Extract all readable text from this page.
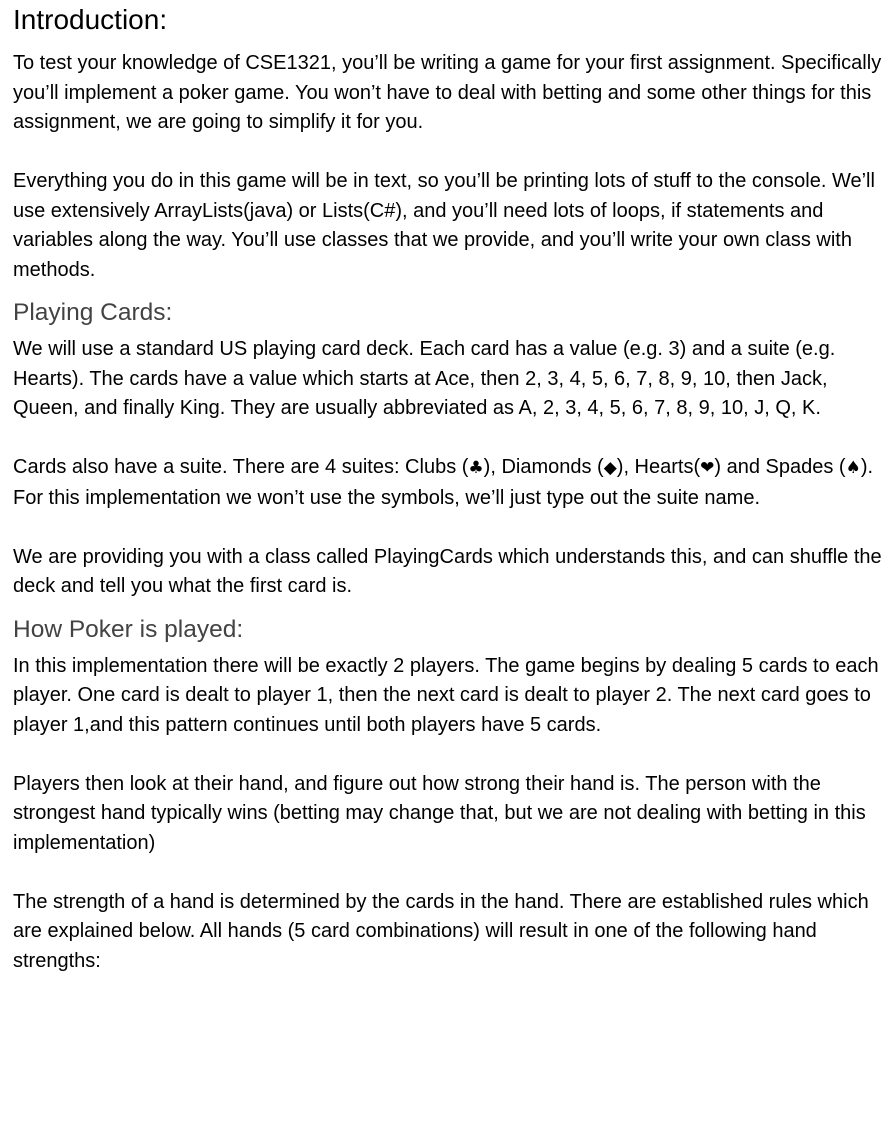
Introduction:

To test your knowledge of CSE1321, you’ll be writing a game for your first assignment. Specifically you’ll implement a poker game. You won’t have to deal with betting and some other things for this assignment, we are going to simplify it for you.

Everything you do in this game will be in text, so you’ll be printing lots of stuff to the console. We’ll use extensively ArrayLists(java) or Lists(C#), and you’ll need lots of loops, if statements and variables along the way. You’ll use classes that we provide, and you’ll write your own class with methods.

Playing Cards:

We will use a standard US playing card deck. Each card has a value (e.g. 3) and a suite (e.g. Hearts). The cards have a value which starts at Ace, then 2, 3, 4, 5, 6, 7, 8, 9, 10, then Jack, Queen, and finally King. They are usually abbreviated as A, 2, 3, 4, 5, 6, 7, 8, 9, 10, J, Q, K.

Cards also have a suite. There are 4 suites: Clubs (♣), Diamonds (◆), Hearts(❤) and Spades (♠). For this implementation we won’t use the symbols, we’ll just type out the suite name.

We are providing you with a class called PlayingCards which understands this, and can shuffle the deck and tell you what the first card is.

How Poker is played:

In this implementation there will be exactly 2 players. The game begins by dealing 5 cards to each player. One card is dealt to player 1, then the next card is dealt to player 2. The next card goes to player 1,and this pattern continues until both players have 5 cards.

Players then look at their hand, and figure out how strong their hand is. The person with the strongest hand typically wins (betting may change that, but we are not dealing with betting in this implementation)

The strength of a hand is determined by the cards in the hand. There are established rules which are explained below. All hands (5 card combinations) will result in one of the following hand strengths:
